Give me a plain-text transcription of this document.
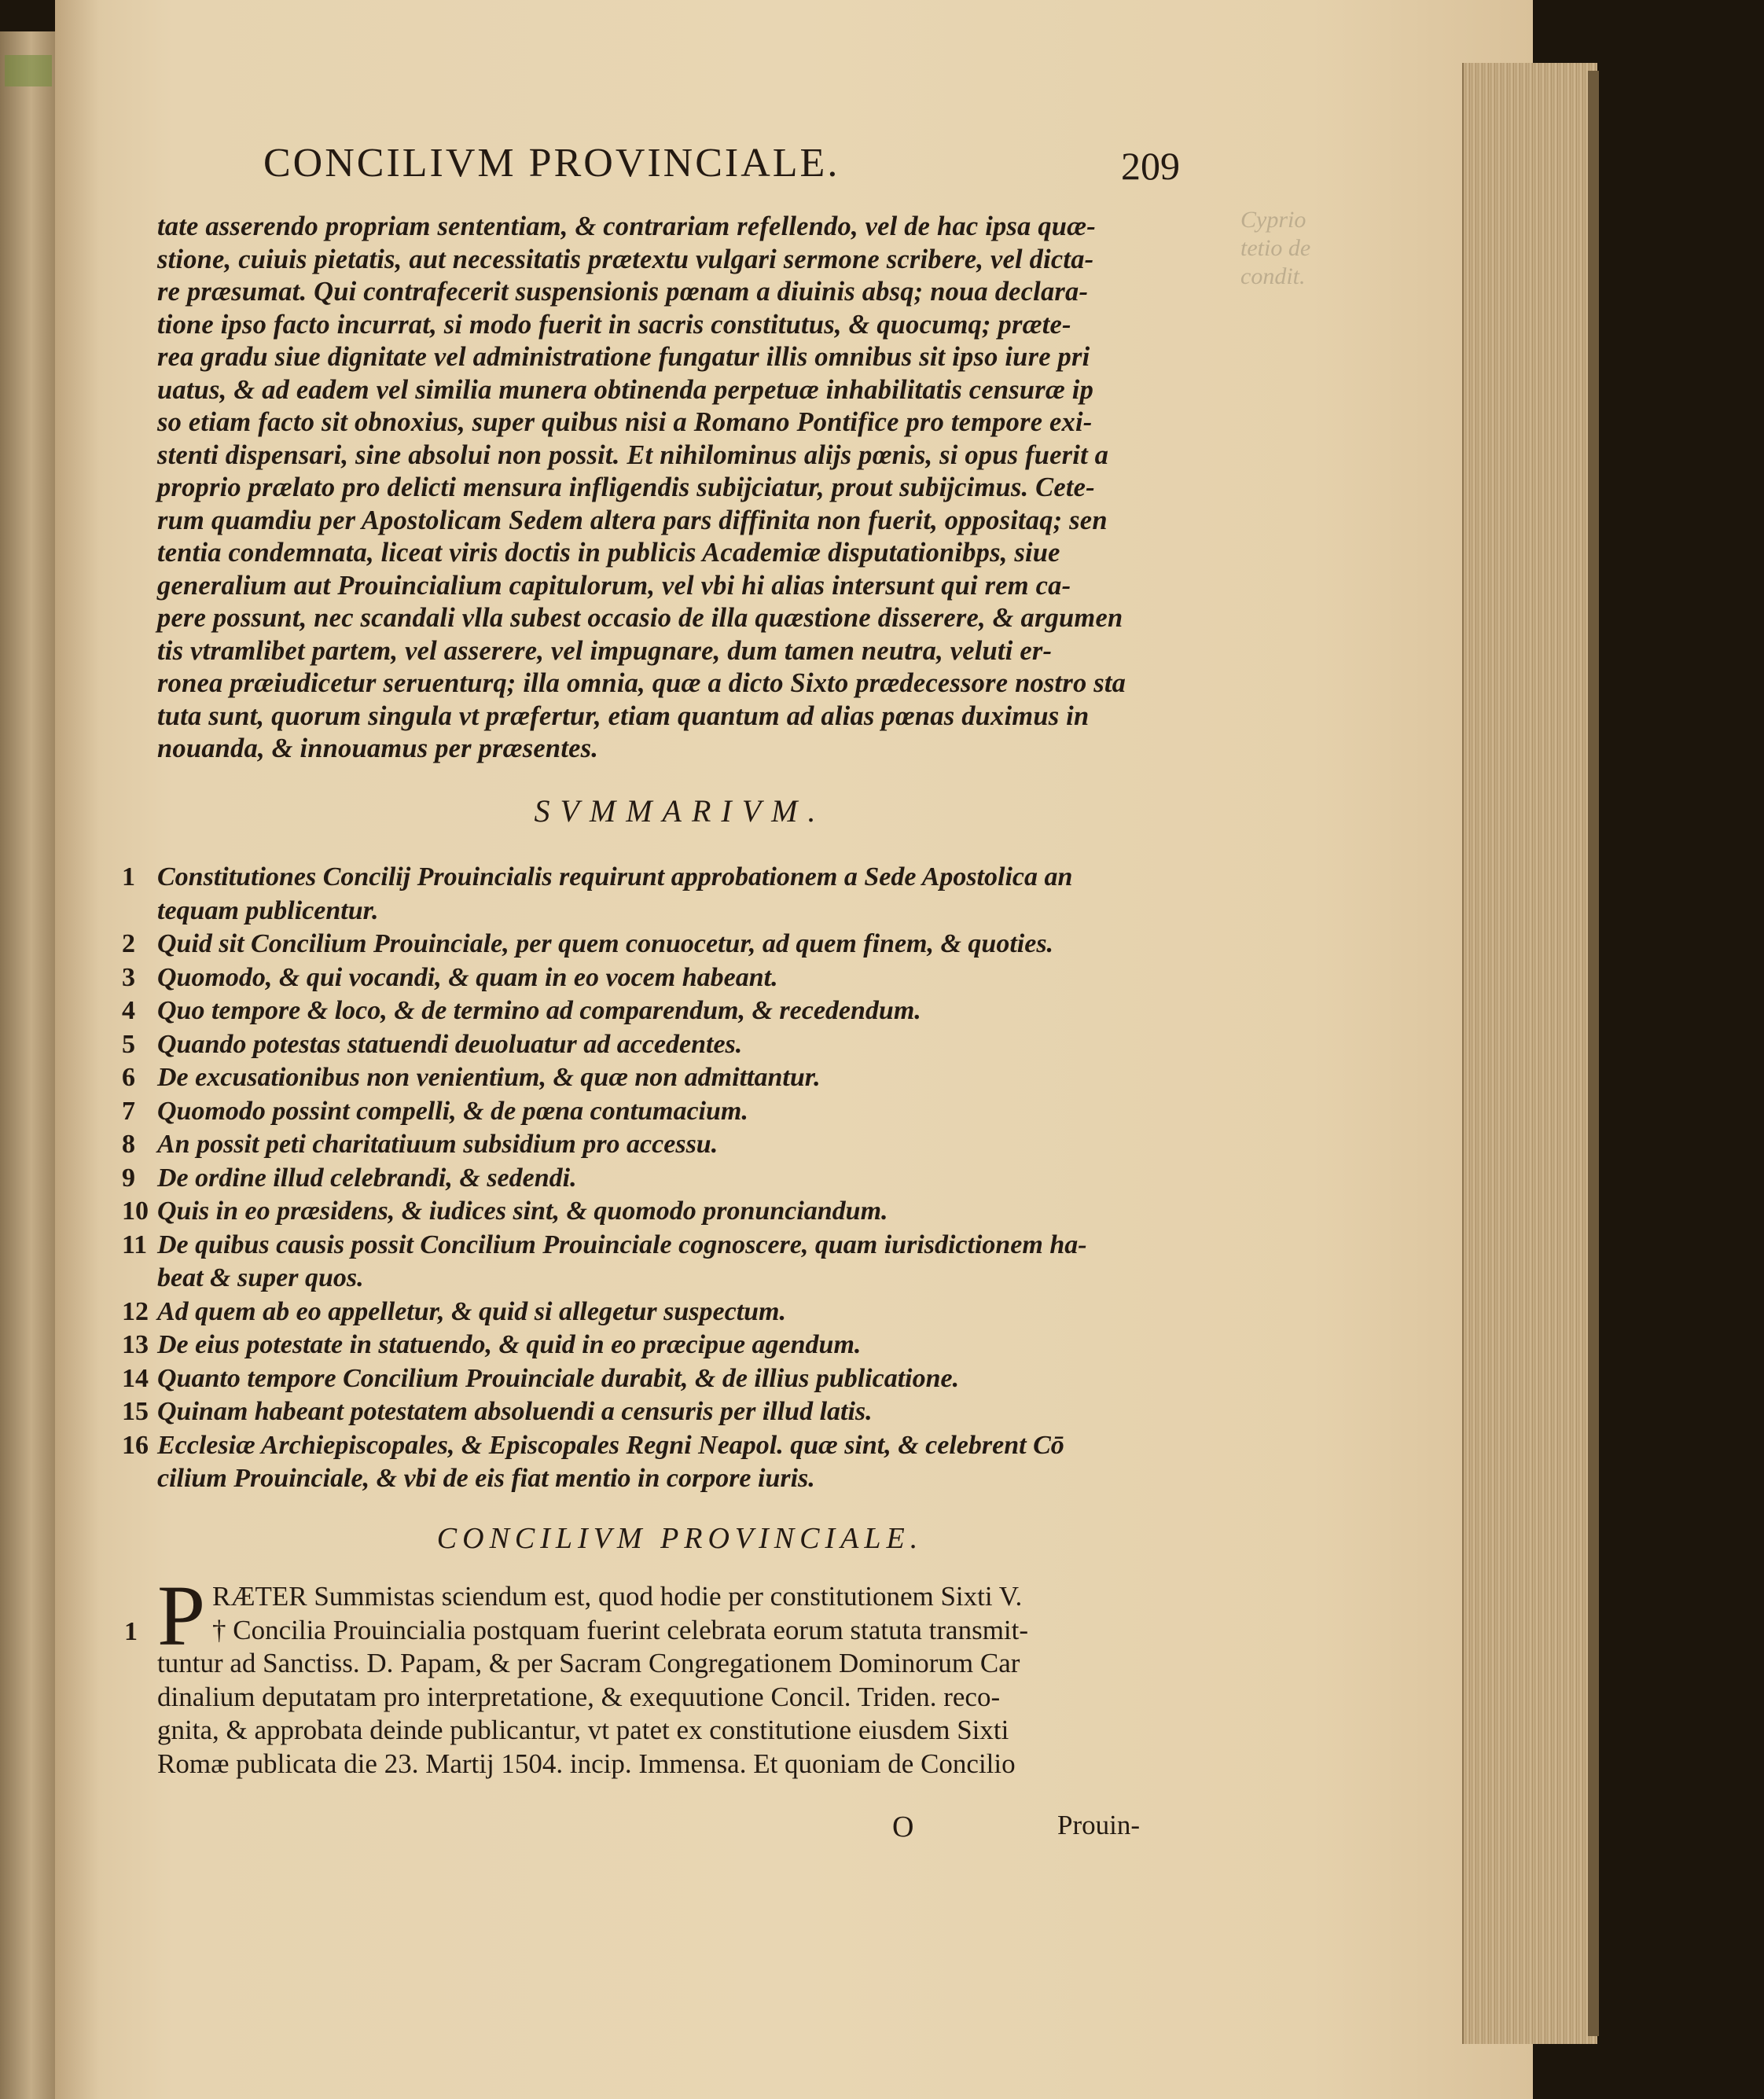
CONCILIVM PROVINCIALE.	209
Cyprio tetio de condit.
tate asserendo propriam sententiam, & contrariam refellendo, vel de hac ipsa quæ-
stione, cuiuis pietatis, aut necessitatis prætextu vulgari sermone scribere, vel dicta-
re præsumat. Qui contrafecerit suspensionis pœnam a diuinis absq; noua declara-
tione ipso facto incurrat, si modo fuerit in sacris constitutus, & quocumq; præte-
rea gradu siue dignitate vel administratione fungatur illis omnibus sit ipso iure pri
uatus, & ad eadem vel similia munera obtinenda perpetuæ inhabilitatis censuræ ip
so etiam facto sit obnoxius, super quibus nisi a Romano Pontifice pro tempore exi-
stenti dispensari, sine absolui non possit. Et nihilominus alijs pœnis, si opus fuerit a
proprio prælato pro delicti mensura infligendis subijciatur, prout subijcimus. Cete-
rum quamdiu per Apostolicam Sedem altera pars diffinita non fuerit, oppositaq; sen
tentia condemnata, liceat viris doctis in publicis Academiæ disputationibps, siue
generalium aut Prouincialium capitulorum, vel vbi hi alias intersunt qui rem ca-
pere possunt, nec scandali vlla subest occasio de illa quæstione disserere, & argumen
tis vtramlibet partem, vel asserere, vel impugnare, dum tamen neutra, veluti er-
ronea præiudicetur seruenturq; illa omnia, quæ a dicto Sixto prædecessore nostro sta
tuta sunt, quorum singula vt præfertur, etiam quantum ad alias pœnas duximus in
nouanda, & innouamus per præsentes.
SVMMARIVM.
1 Constitutiones Concilij Prouincialis requirunt approbationem a Sede Apostolica an
tequam publicentur.
2 Quid sit Concilium Prouinciale, per quem conuocetur, ad quem finem, & quoties.
3 Quomodo, & qui vocandi, & quam in eo vocem habeant.
4 Quo tempore & loco, & de termino ad comparendum, & recedendum.
5 Quando potestas statuendi deuoluatur ad accedentes.
6 De excusationibus non venientium, & quæ non admittantur.
7 Quomodo possint compelli, & de pœna contumacium.
8 An possit peti charitatiuum subsidium pro accessu.
9 De ordine illud celebrandi, & sedendi.
10 Quis in eo præsidens, & iudices sint, & quomodo pronunciandum.
11 De quibus causis possit Concilium Prouinciale cognoscere, quam iurisdictionem ha-
beat & super quos.
12 Ad quem ab eo appelletur, & quid si allegetur suspectum.
13 De eius potestate in statuendo, & quid in eo præcipue agendum.
14 Quanto tempore Concilium Prouinciale durabit, & de illius publicatione.
15 Quinam habeant potestatem absoluendi a censuris per illud latis.
16 Ecclesiæ Archiepiscopales, & Episcopales Regni Neapol. quæ sint, & celebrent Cō
cilium Prouinciale, & vbi de eis fiat mentio in corpore iuris.
CONCILIVM PROVINCIALE.
P
1
RÆTER Summistas sciendum est, quod hodie per constitutionem Sixti V.
† Concilia Prouincialia postquam fuerint celebrata eorum statuta transmit-
tuntur ad Sanctiss. D. Papam, & per Sacram Congregationem Dominorum Car
dinalium deputatam pro interpretatione, & exequutione Concil. Triden. reco-
gnita, & approbata deinde publicantur, vt patet ex constitutione eiusdem Sixti
Romæ publicata die 23. Martij 1504. incip. Immensa. Et quoniam de Concilio
O	Prouin-
